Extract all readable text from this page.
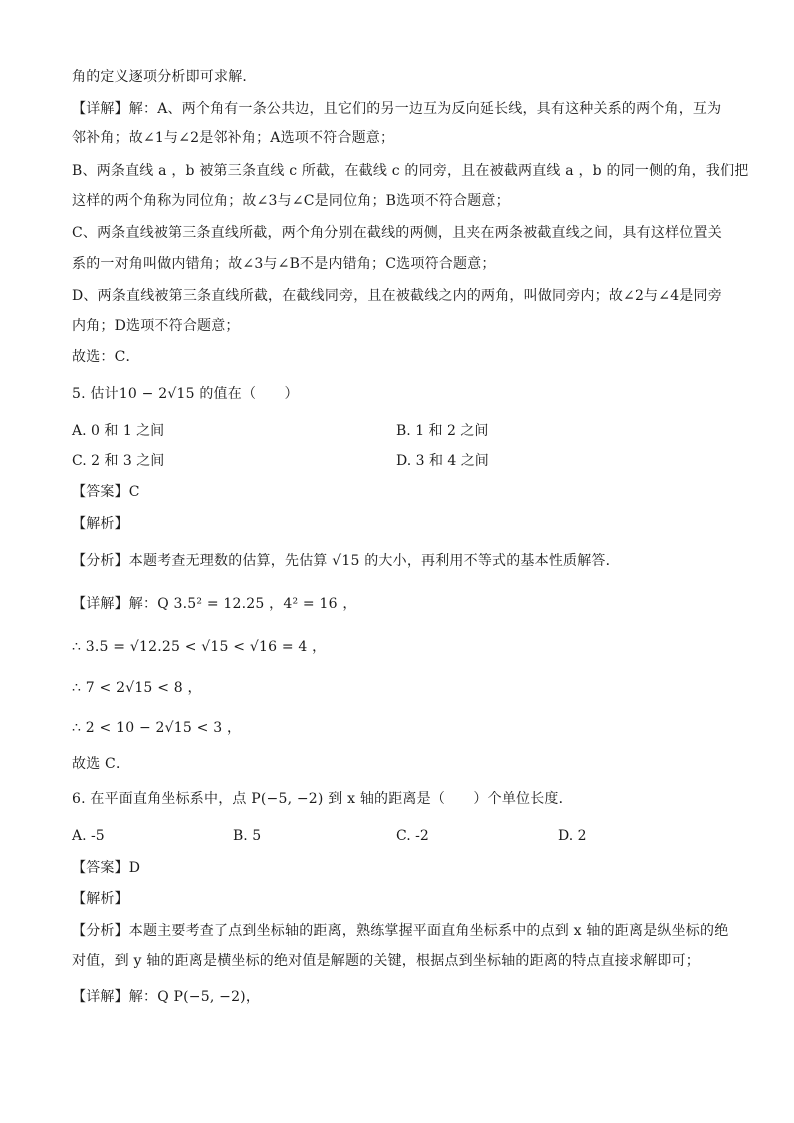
角的定义逐项分析即可求解．
【详解】解：A、两个角有一条公共边，且它们的另一边互为反向延长线，具有这种关系的两个角，互为
邻补角；故∠1与∠2是邻补角；A选项不符合题意；
B、两条直线 a ，b 被第三条直线 c 所截，在截线 c 的同旁，且在被截两直线 a ，b 的同一侧的角，我们把
这样的两个角称为同位角；故∠3与∠C是同位角；B选项不符合题意；
C、两条直线被第三条直线所截，两个角分别在截线的两侧，且夹在两条被截直线之间，具有这样位置关
系的一对角叫做内错角；故∠3与∠B不是内错角；C选项符合题意；
D、两条直线被第三条直线所截，在截线同旁，且在被截线之内的两角，叫做同旁内；故∠2与∠4是同旁
内角；D选项不符合题意；
故选：C．
5. 估计10 − 2√15 的值在（　　）
A. 0 和 1 之间	B. 1 和 2 之间
C. 2 和 3 之间	D. 3 和 4 之间
【答案】C
【解析】
【分析】本题考查无理数的估算，先估算 √15 的大小，再利用不等式的基本性质解答．
【详解】解：Q 3.5² = 12.25 ，4² = 16 ，
∴ 3.5 = √12.25 < √15 < √16 = 4 ，
∴ 7 < 2√15 < 8 ，
∴ 2 < 10 − 2√15 < 3 ，
故选 C．
6. 在平面直角坐标系中，点 P(−5, −2) 到 x 轴的距离是（　　）个单位长度．
A. -5	B. 5	C. -2	D. 2
【答案】D
【解析】
【分析】本题主要考查了点到坐标轴的距离，熟练掌握平面直角坐标系中的点到 x 轴的距离是纵坐标的绝
对值，到 y 轴的距离是横坐标的绝对值是解题的关键，根据点到坐标轴的距离的特点直接求解即可；
【详解】解：Q P(−5, −2)，
